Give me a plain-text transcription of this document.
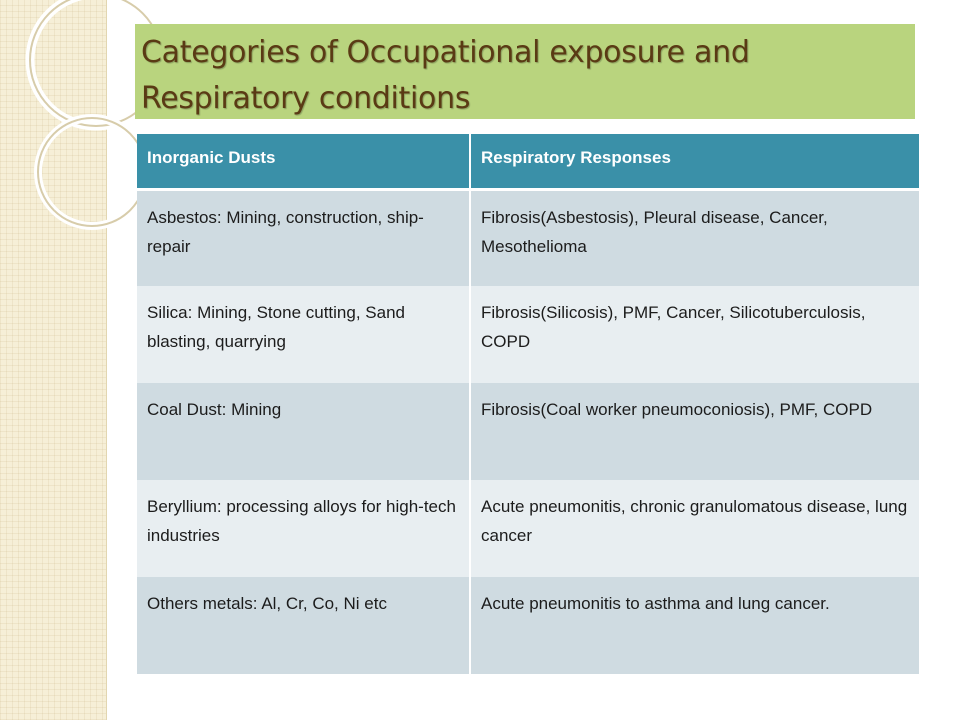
Categories of Occupational exposure and Respiratory conditions
Inorganic Dusts	Respiratory Responses
Asbestos: Mining, construction, ship-repair	Fibrosis(Asbestosis), Pleural disease, Cancer, Mesothelioma
Silica: Mining, Stone cutting, Sand blasting, quarrying	Fibrosis(Silicosis), PMF, Cancer, Silicotuberculosis, COPD
Coal Dust: Mining	Fibrosis(Coal worker pneumoconiosis), PMF, COPD
Beryllium: processing alloys for high-tech industries	Acute pneumonitis, chronic granulomatous disease, lung cancer
Others metals: Al, Cr, Co, Ni etc	Acute pneumonitis to asthma and lung cancer.
